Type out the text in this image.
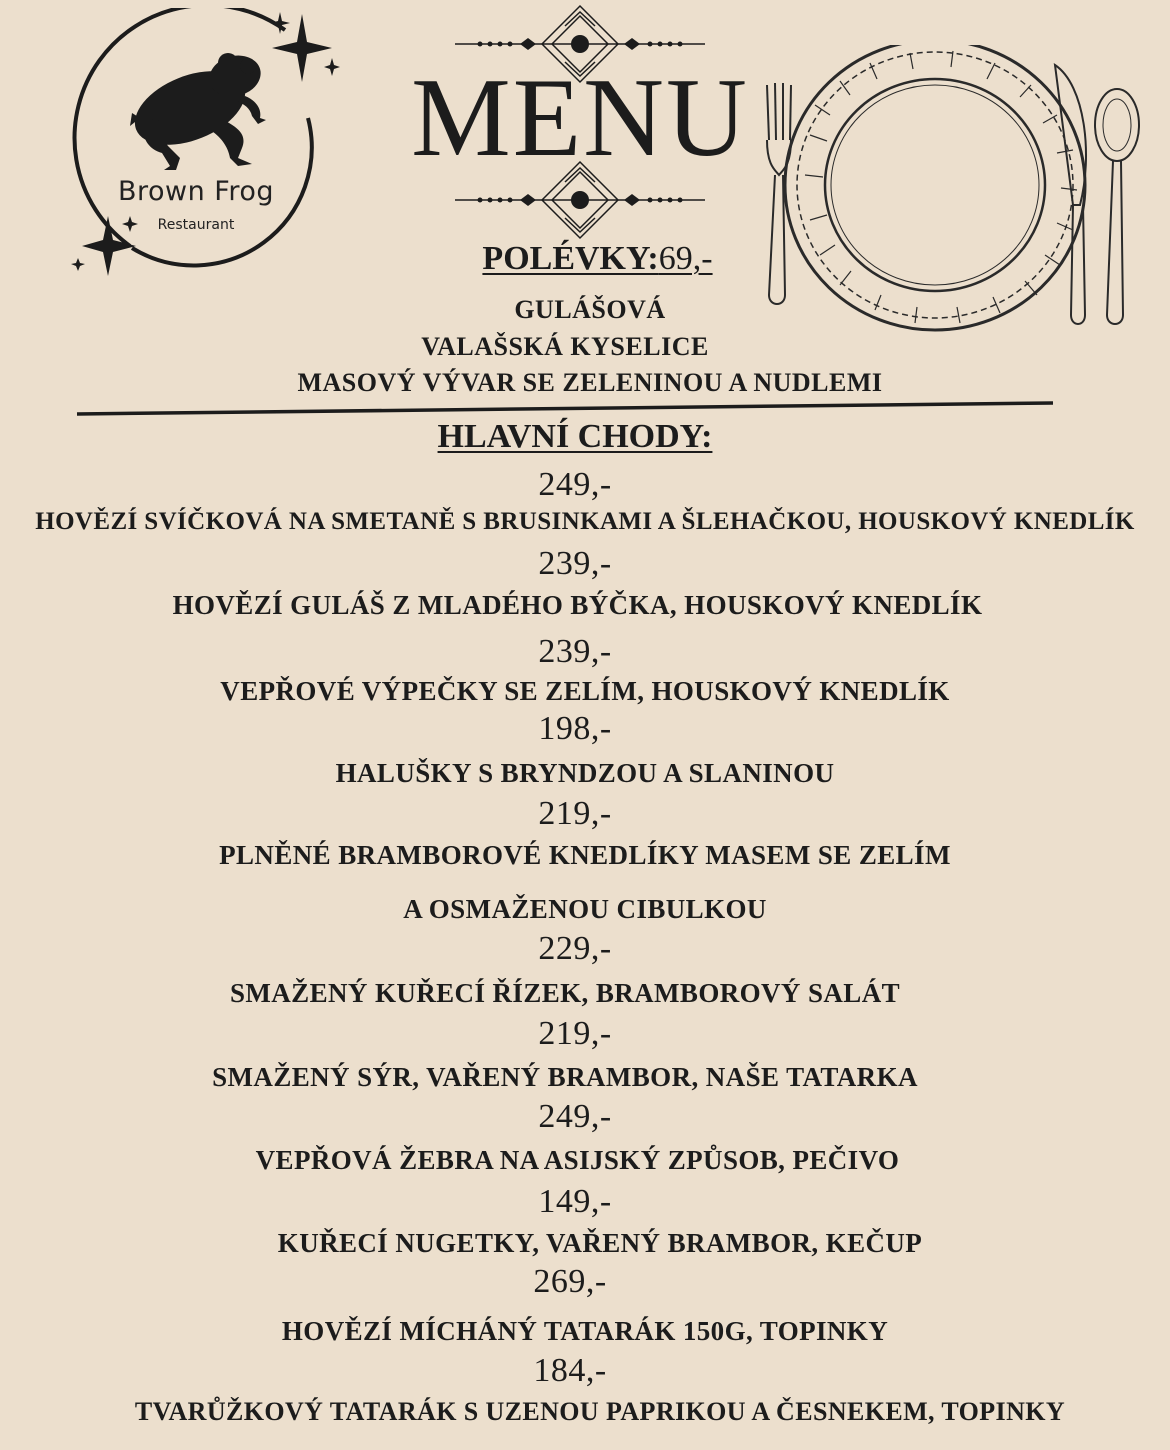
Brown Frog
Restaurant
MENU
POLÉVKY:69,-
GULÁŠOVÁ
VALAŠSKÁ KYSELICE
MASOVÝ VÝVAR SE ZELENINOU A NUDLEMI
HLAVNÍ CHODY:
249,-
HOVĚZÍ SVÍČKOVÁ NA SMETANĚ S BRUSINKAMI A ŠLEHAČKOU, HOUSKOVÝ KNEDLÍK
239,-
HOVĚZÍ GULÁŠ Z MLADÉHO BÝČKA, HOUSKOVÝ KNEDLÍK
239,-
VEPŘOVÉ VÝPEČKY SE ZELÍM, HOUSKOVÝ KNEDLÍK
198,-
HALUŠKY S BRYNDZOU A SLANINOU
219,-
PLNĚNÉ BRAMBOROVÉ KNEDLÍKY MASEM SE ZELÍM
A OSMAŽENOU CIBULKOU
229,-
SMAŽENÝ KUŘECÍ ŘÍZEK, BRAMBOROVÝ SALÁT
219,-
SMAŽENÝ SÝR, VAŘENÝ BRAMBOR, NAŠE TATARKA
249,-
VEPŘOVÁ ŽEBRA NA ASIJSKÝ ZPŮSOB, PEČIVO
149,-
KUŘECÍ NUGETKY, VAŘENÝ BRAMBOR, KEČUP
269,-
HOVĚZÍ MÍCHÁNÝ TATARÁK 150G, TOPINKY
184,-
TVARŮŽKOVÝ TATARÁK S UZENOU PAPRIKOU A ČESNEKEM, TOPINKY
